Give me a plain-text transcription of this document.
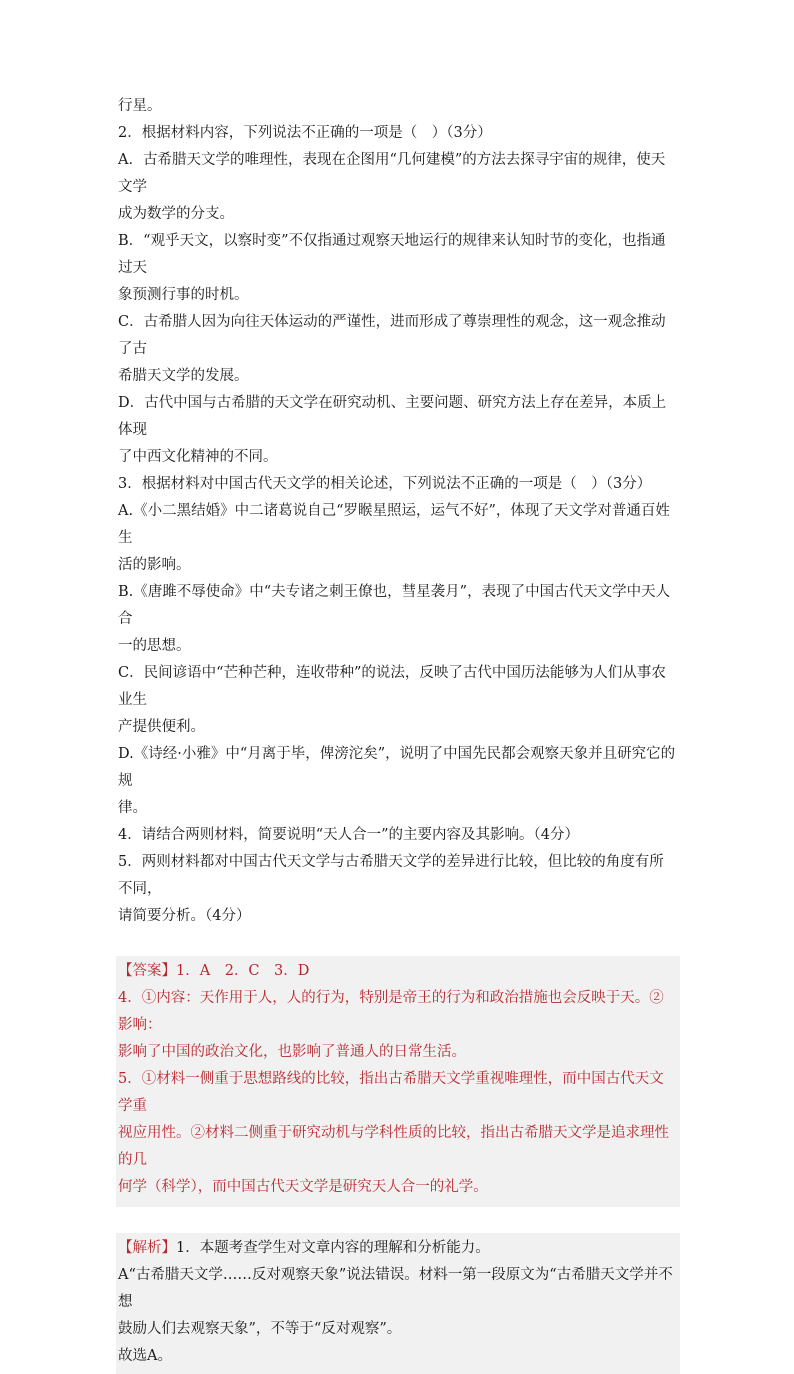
行星。

2．根据材料内容，下列说法不正确的一项是（　）（3分）

A．古希腊天文学的唯理性，表现在企图用“几何建模”的方法去探寻宇宙的规律，使天文学

成为数学的分支。

B．“观乎天文，以察时变”不仅指通过观察天地运行的规律来认知时节的变化，也指通过天

象预测行事的时机。

C．古希腊人因为向往天体运动的严谨性，进而形成了尊崇理性的观念，这一观念推动了古

希腊天文学的发展。

D．古代中国与古希腊的天文学在研究动机、主要问题、研究方法上存在差异，本质上体现

了中西文化精神的不同。

3．根据材料对中国古代天文学的相关论述，下列说法不正确的一项是（　）（3分）

A.《小二黑结婚》中二诸葛说自己“罗睺星照运，运气不好”，体现了天文学对普通百姓生

活的影响。

B.《唐雎不辱使命》中“夫专诸之刺王僚也，彗星袭月”，表现了中国古代天文学中天人合

一的思想。

C．民间谚语中“芒种芒种，连收带种”的说法，反映了古代中国历法能够为人们从事农业生

产提供便利。

D.《诗经·小雅》中“月离于毕，俾滂沱矣”，说明了中国先民都会观察天象并且研究它的规

律。

4．请结合两则材料，简要说明“天人合一”的主要内容及其影响。（4分）

5．两则材料都对中国古代天文学与古希腊天文学的差异进行比较，但比较的角度有所不同，

请简要分析。（4分）

【答案】1．A　2．C　3．D

4．①内容：天作用于人，人的行为，特别是帝王的行为和政治措施也会反映于天。②影响：

影响了中国的政治文化，也影响了普通人的日常生活。

5．①材料一侧重于思想路线的比较，指出古希腊天文学重视唯理性，而中国古代天文学重

视应用性。②材料二侧重于研究动机与学科性质的比较，指出古希腊天文学是追求理性的几

何学（科学），而中国古代天文学是研究天人合一的礼学。

【解析】1．本题考查学生对文章内容的理解和分析能力。

A“古希腊天文学……反对观察天象”说法错误。材料一第一段原文为“古希腊天文学并不想

鼓励人们去观察天象”，不等于“反对观察”。

故选A。
